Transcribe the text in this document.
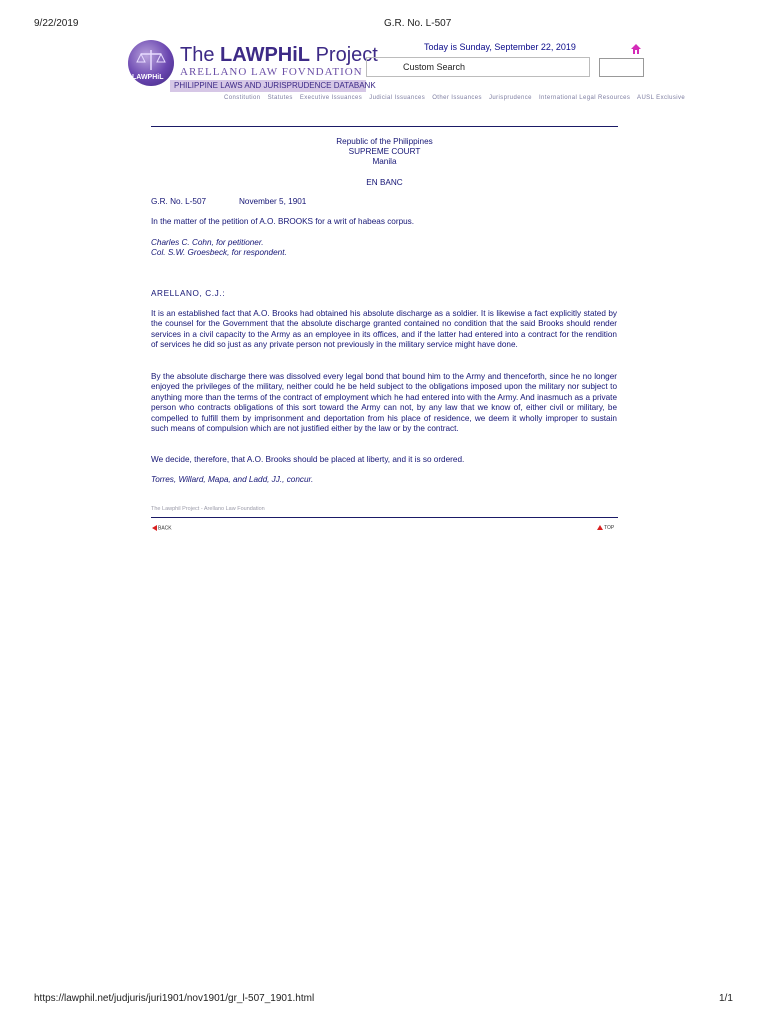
9/22/2019	G.R. No. L-507
LAWPHiL
The LAWPHiL Project
ARELLANO LAW FOVNDATION
PHILIPPINE LAWS AND JURISPRUDENCE DATABANK
Today is Sunday, September 22, 2019
Custom Search
Constitution Statutes Executive Issuances Judicial Issuances Other Issuances Jurisprudence International Legal Resources AUSL Exclusive
Republic of the Philippines
SUPREME COURT
Manila
EN BANC
G.R. No. L-507	November 5, 1901
In the matter of the petition of A.O. BROOKS for a writ of habeas corpus.
Charles C. Cohn, for petitioner.
Col. S.W. Groesbeck, for respondent.
ARELLANO, C.J.:
It is an established fact that A.O. Brooks had obtained his absolute discharge as a soldier. It is likewise a fact explicitly stated by the counsel for the Government that the absolute discharge granted contained no condition that the said Brooks should render services in a civil capacity to the Army as an employee in its offices, and if the latter had entered into a contract for the rendition of services he did so just as any private person not previously in the military service might have done.
By the absolute discharge there was dissolved every legal bond that bound him to the Army and thenceforth, since he no longer enjoyed the privileges of the military, neither could he be held subject to the obligations imposed upon the military nor subject to anything more than the terms of the contract of employment which he had entered into with the Army. And inasmuch as a private person who contracts obligations of this sort toward the Army can not, by any law that we know of, either civil or military, be compelled to fulfill them by imprisonment and deportation from his place of residence, we deem it wholly improper to sustain such means of compulsion which are not justified either by the law or by the contract.
We decide, therefore, that A.O. Brooks should be placed at liberty, and it is so ordered.
Torres, Willard, Mapa, and Ladd, JJ., concur.
The Lawphil Project - Arellano Law Foundation
BACK	TOP
https://lawphil.net/judjuris/juri1901/nov1901/gr_l-507_1901.html	1/1
